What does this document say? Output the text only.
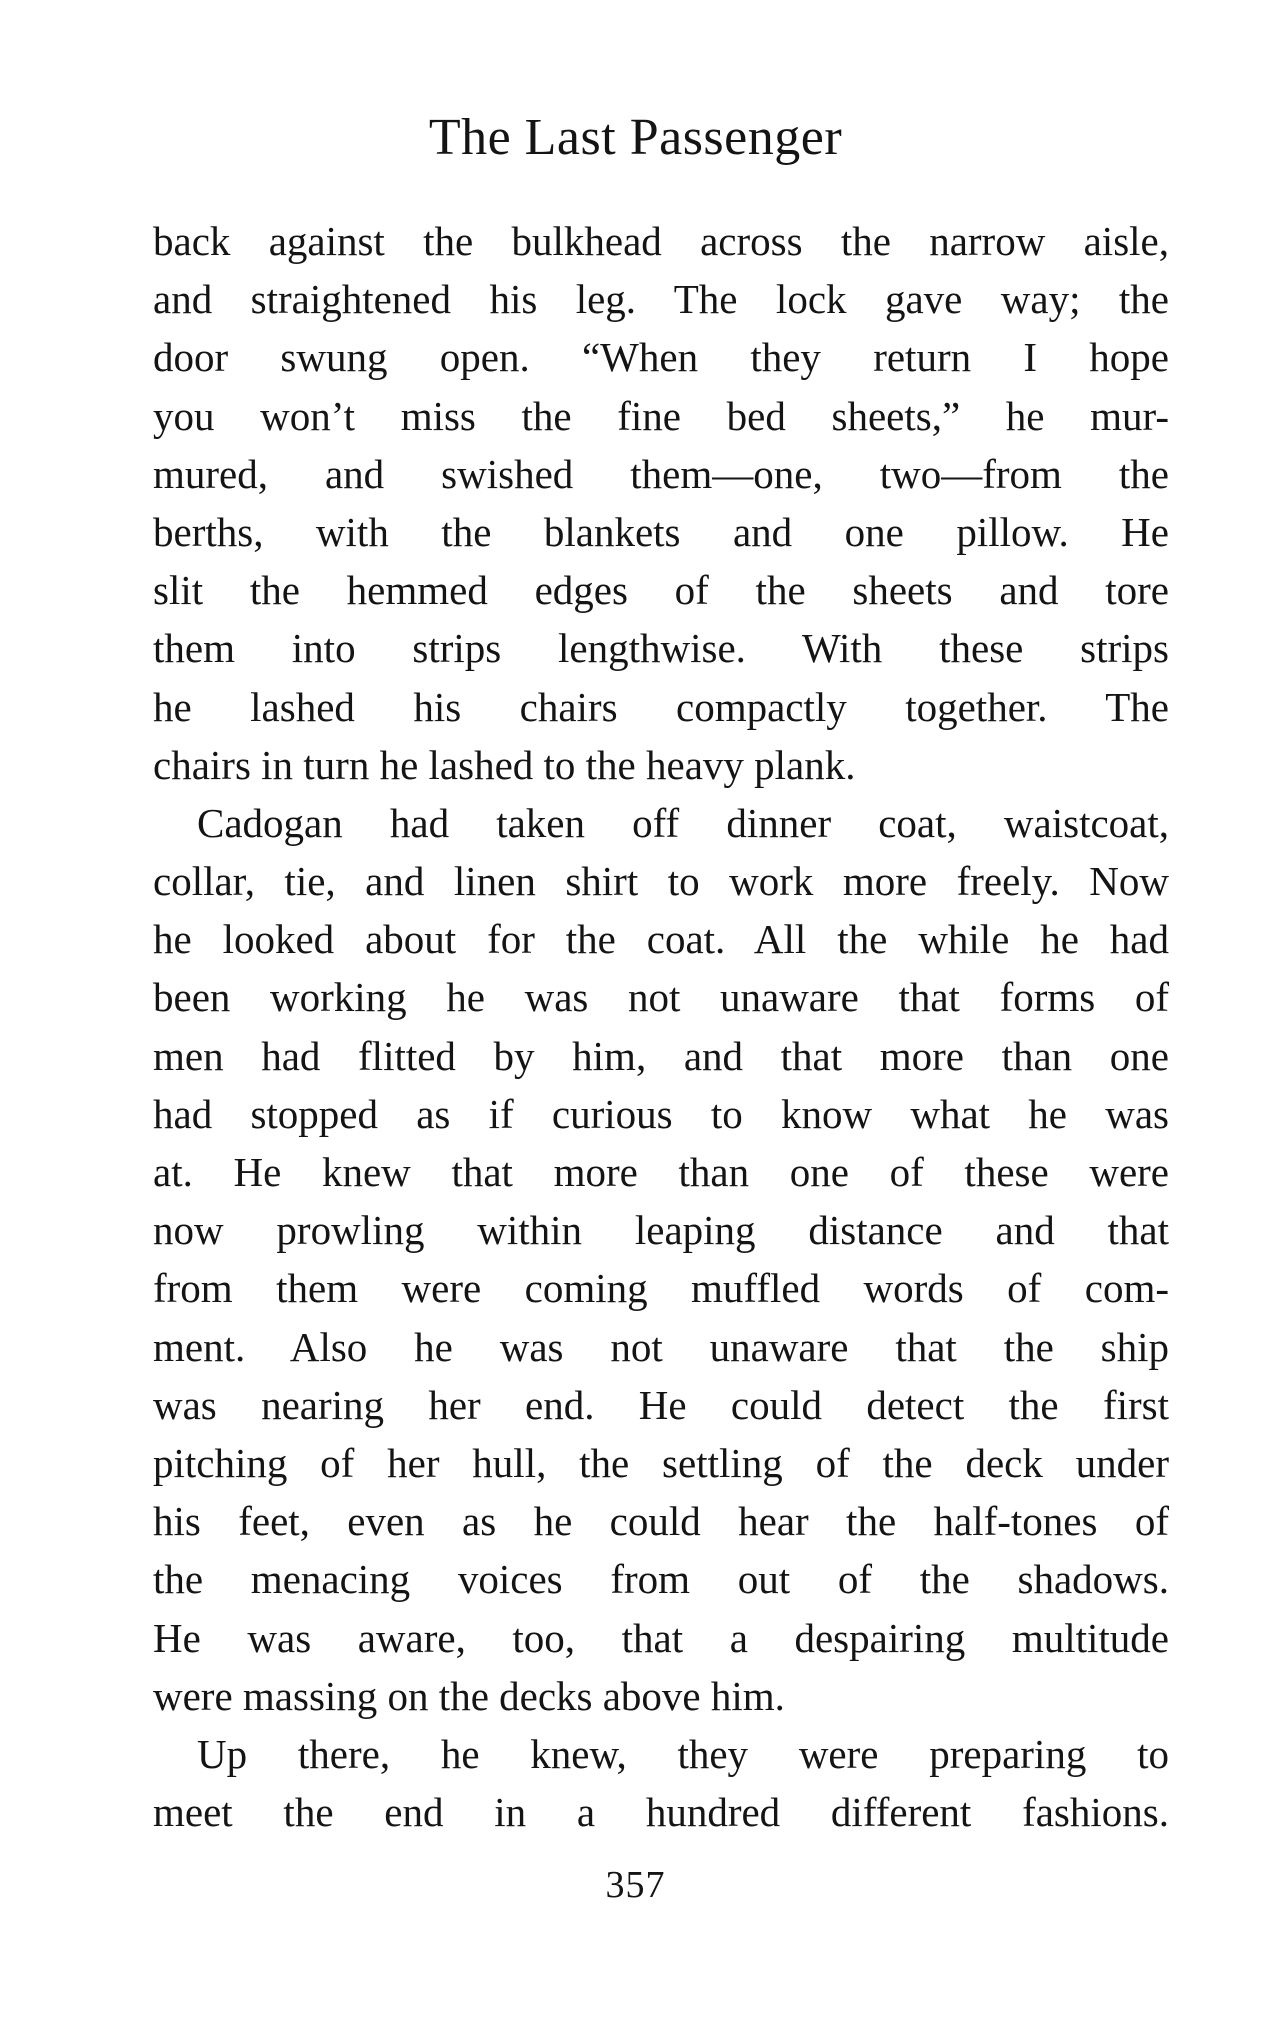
The Last Passenger
back against the bulkhead across the narrow aisle,
and straightened his leg. The lock gave way; the
door swung open. “When they return I hope
you won’t miss the fine bed sheets,” he mur-
mured, and swished them—one, two—from the
berths, with the blankets and one pillow. He
slit the hemmed edges of the sheets and tore
them into strips lengthwise. With these strips
he lashed his chairs compactly together. The
chairs in turn he lashed to the heavy plank.
Cadogan had taken off dinner coat, waistcoat,
collar, tie, and linen shirt to work more freely. Now
he looked about for the coat. All the while he had
been working he was not unaware that forms of
men had flitted by him, and that more than one
had stopped as if curious to know what he was
at. He knew that more than one of these were
now prowling within leaping distance and that
from them were coming muffled words of com-
ment. Also he was not unaware that the ship
was nearing her end. He could detect the first
pitching of her hull, the settling of the deck under
his feet, even as he could hear the half-tones of
the menacing voices from out of the shadows.
He was aware, too, that a despairing multitude
were massing on the decks above him.
Up there, he knew, they were preparing to
meet the end in a hundred different fashions.
357
